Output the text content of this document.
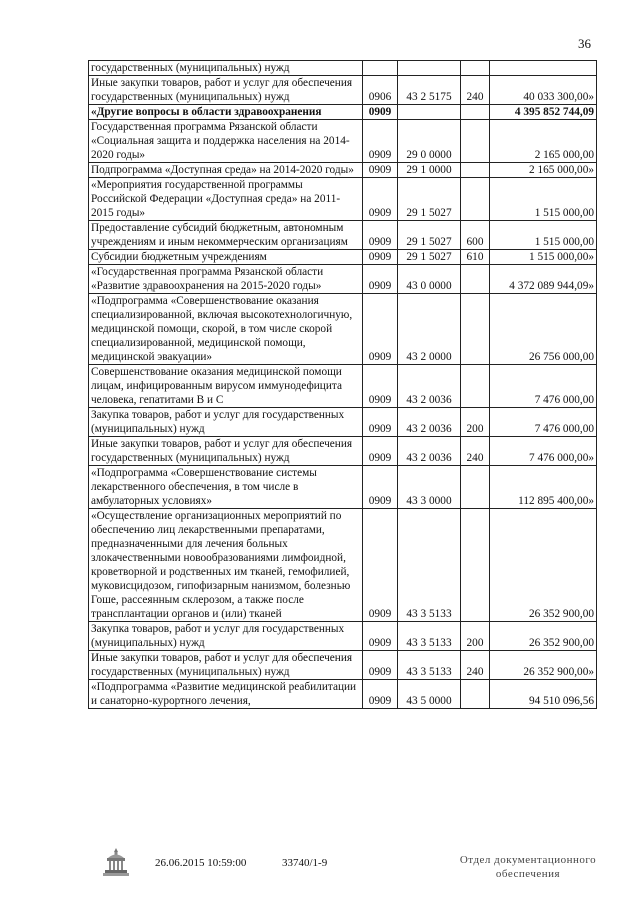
36
государственных (муниципальных) нужд				
Иные закупки товаров, работ и услуг для обеспечения государственных (муниципальных) нужд	0906	43 2 5175	240	40 033 300,00»
«Другие вопросы в области здравоохранения	0909			4 395 852 744,09
Государственная программа Рязанской области «Социальная защита и поддержка населения на 2014-2020 годы»	0909	29 0 0000		2 165 000,00
Подпрограмма «Доступная среда» на 2014-2020 годы»	0909	29 1 0000		2 165 000,00»
«Мероприятия государственной программы Российской Федерации «Доступная среда» на 2011-2015 годы»	0909	29 1 5027		1 515 000,00
Предоставление субсидий бюджетным, автономным учреждениям и иным некоммерческим организациям	0909	29 1 5027	600	1 515 000,00
Субсидии бюджетным учреждениям	0909	29 1 5027	610	1 515 000,00»
«Государственная программа Рязанской области «Развитие здравоохранения на 2015-2020 годы»	0909	43 0 0000		4 372 089 944,09»
«Подпрограмма «Совершенствование оказания специализированной, включая высокотехнологичную, медицинской помощи, скорой, в том числе скорой специализированной, медицинской помощи, медицинской эвакуации»	0909	43 2 0000		26 756 000,00
Совершенствование оказания медицинской помощи лицам, инфицированным вирусом иммунодефицита человека, гепатитами В и С	0909	43 2 0036		7 476 000,00
Закупка товаров, работ и услуг для государственных (муниципальных) нужд	0909	43 2 0036	200	7 476 000,00
Иные закупки товаров, работ и услуг для обеспечения государственных (муниципальных) нужд	0909	43 2 0036	240	7 476 000,00»
«Подпрограмма «Совершенствование системы лекарственного обеспечения, в том числе в амбулаторных условиях»	0909	43 3 0000		112 895 400,00»
«Осуществление организационных мероприятий по обеспечению лиц лекарственными препаратами, предназначенными для лечения больных злокачественными новообразованиями лимфоидной, кроветворной и родственных им тканей, гемофилией, муковисцидозом, гипофизарным нанизмом, болезнью Гоше, рассеянным склерозом, а также после трансплантации органов и (или) тканей	0909	43 3 5133		26 352 900,00
Закупка товаров, работ и услуг для государственных (муниципальных) нужд	0909	43 3 5133	200	26 352 900,00
Иные закупки товаров, работ и услуг для обеспечения государственных (муниципальных) нужд	0909	43 3 5133	240	26 352 900,00»
«Подпрограмма «Развитие медицинской реабилитации и санаторно-курортного лечения,	0909	43 5 0000		94 510 096,56
26.06.2015 10:59:00	33740/1-9	Отдел документационного
обеспечения
